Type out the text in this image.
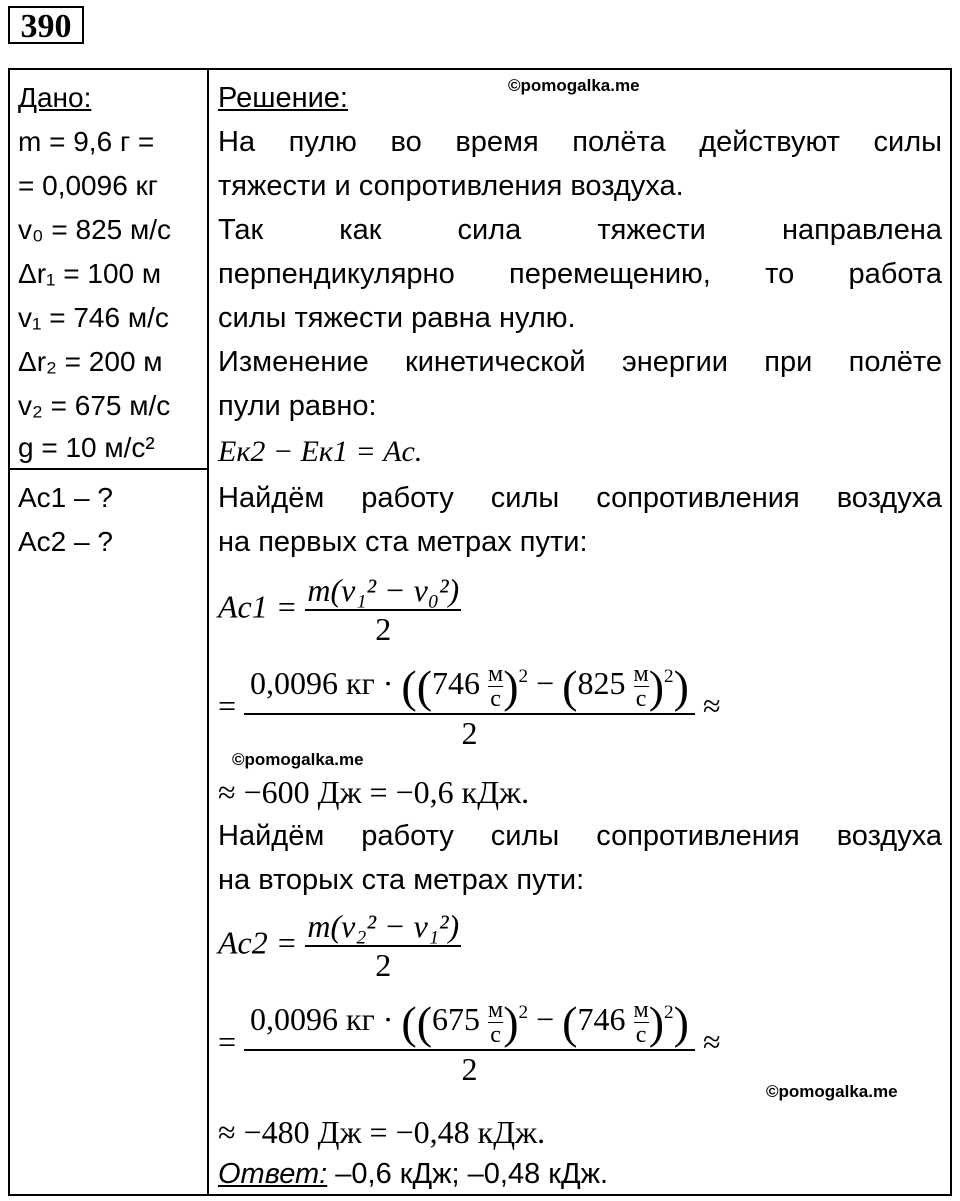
390
Дано:
m = 9,6 г =
= 0,0096 кг
v₀ = 825 м/с
Δr₁ = 100 м
v₁ = 746 м/с
Δr₂ = 200 м
v₂ = 675 м/с
g = 10 м/с²
Aс1 – ?
Aс2 – ?
©pomogalka.me
©pomogalka.me
©pomogalka.me
Решение:
На пулю во время полёта действуют силы
тяжести и сопротивления воздуха.
Так как сила тяжести направлена
перпендикулярно перемещению, то работа
силы тяжести равна нулю.
Изменение кинетической энергии при полёте
пули равно:
Eк2 − Eк1 = Aс.
Найдём работу силы сопротивления воздуха
на первых ста метрах пути:
$Aс1 = \frac{\text{m(v₁² − v₀²)}}{2}$
= 0,0096 кг · ((746 м
с )$^2$ − (825 м
с )$^2$)
2 ≈
≈ −600 Дж = −0,6 кДж.
Найдём работу силы сопротивления воздуха
на вторых ста метрах пути:
$Aс2 = \frac{\text{m(v₂² − v₁²)}}{2}$
= 0,0096 кг · ((675 м
с )$^2$ − (746 м
с )$^2$)
2 ≈
≈ −480 Дж = −0,48 кДж.
Ответ: –0,6 кДж; –0,48 кДж.
